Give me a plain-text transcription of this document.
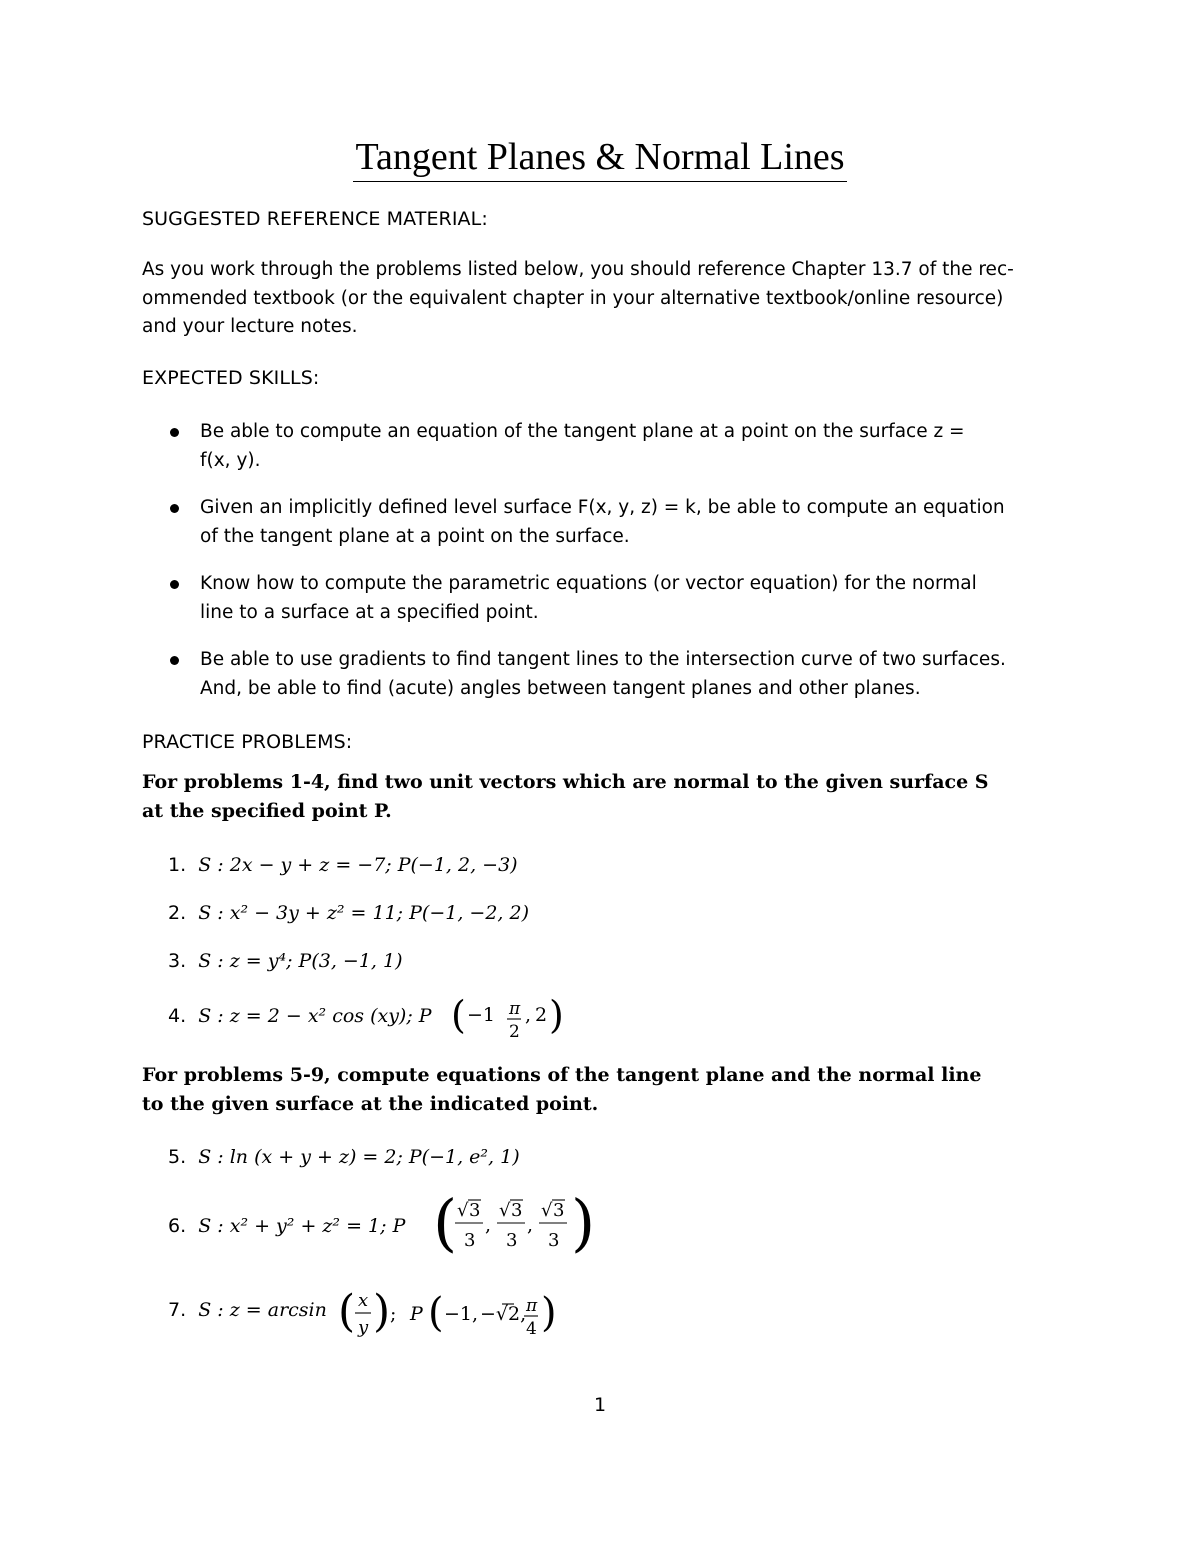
Tangent Planes & Normal Lines
SUGGESTED REFERENCE MATERIAL:
As you work through the problems listed below, you should reference Chapter 13.7 of the rec-
ommended textbook (or the equivalent chapter in your alternative textbook/online resource)
and your lecture notes.
EXPECTED SKILLS:
Be able to compute an equation of the tangent plane at a point on the surface z =
f(x, y).
Given an implicitly defined level surface F(x, y, z) = k, be able to compute an equation
of the tangent plane at a point on the surface.
Know how to compute the parametric equations (or vector equation) for the normal
line to a surface at a specified point.
Be able to use gradients to find tangent lines to the intersection curve of two surfaces.
And, be able to find (acute) angles between tangent planes and other planes.
PRACTICE PROBLEMS:
For problems 1-4, find two unit vectors which are normal to the given surface S
at the specified point P.
1. S : 2x − y + z = −7; P(−1, 2, −3)
2. S : x² − 3y + z² = 11; P(−1, −2, 2)
3. S : z = y⁴; P(3, −1, 1)
4. S : z = 2 − x² cos (xy); P ( −1 π
2
, 2 )
For problems 5-9, compute equations of the tangent plane and the normal line
to the given surface at the indicated point.
5. S : ln (x + y + z) = 2; P(−1, e², 1)
6. S : x² + y² + z² = 1; P ( √ 3
3
,
√ 3
3
,
√ 3
3 )
7. S : z = arcsin ( x
y ) ; P ( −1, −√2, π
4 )
1
